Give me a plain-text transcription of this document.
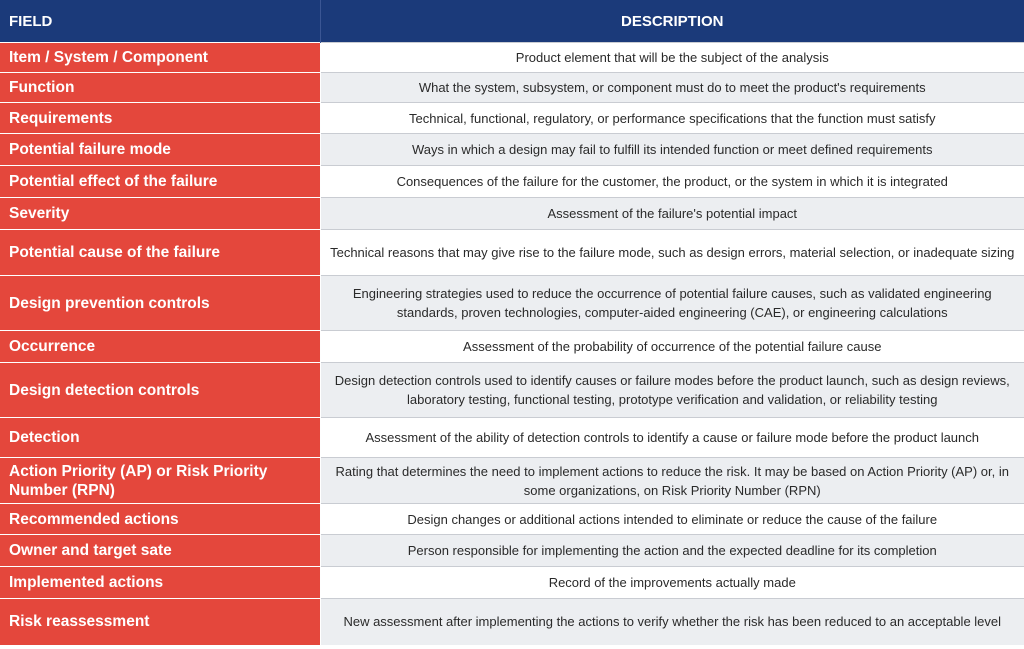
FIELD	DESCRIPTION
Item / System / Component	Product element that will be the subject of the analysis
Function	What the system, subsystem, or component must do to meet the product's requirements
Requirements	Technical, functional, regulatory, or performance specifications that the function must satisfy
Potential failure mode	Ways in which a design may fail to fulfill its intended function or meet defined requirements
Potential effect of the failure	Consequences of the failure for the customer, the product, or the system in which it is integrated
Severity	Assessment of the failure's potential impact
Potential cause of the failure	Technical reasons that may give rise to the failure mode, such as design errors, material selection, or inadequate sizing
Design prevention controls	Engineering strategies used to reduce the occurrence of potential failure causes, such as validated engineering standards, proven technologies, computer-aided engineering (CAE), or engineering calculations
Occurrence	Assessment of the probability of occurrence of the potential failure cause
Design detection controls	Design detection controls used to identify causes or failure modes before the product launch, such as design reviews, laboratory testing, functional testing, prototype verification and validation, or reliability testing
Detection	Assessment of the ability of detection controls to identify a cause or failure mode before the product launch
Action Priority (AP) or Risk Priority Number (RPN)	Rating that determines the need to implement actions to reduce the risk. It may be based on Action Priority (AP) or, in some organizations, on Risk Priority Number (RPN)
Recommended actions	Design changes or additional actions intended to eliminate or reduce the cause of the failure
Owner and target sate	Person responsible for implementing the action and the expected deadline for its completion
Implemented actions	Record of the improvements actually made
Risk reassessment	New assessment after implementing the actions to verify whether the risk has been reduced to an acceptable level
